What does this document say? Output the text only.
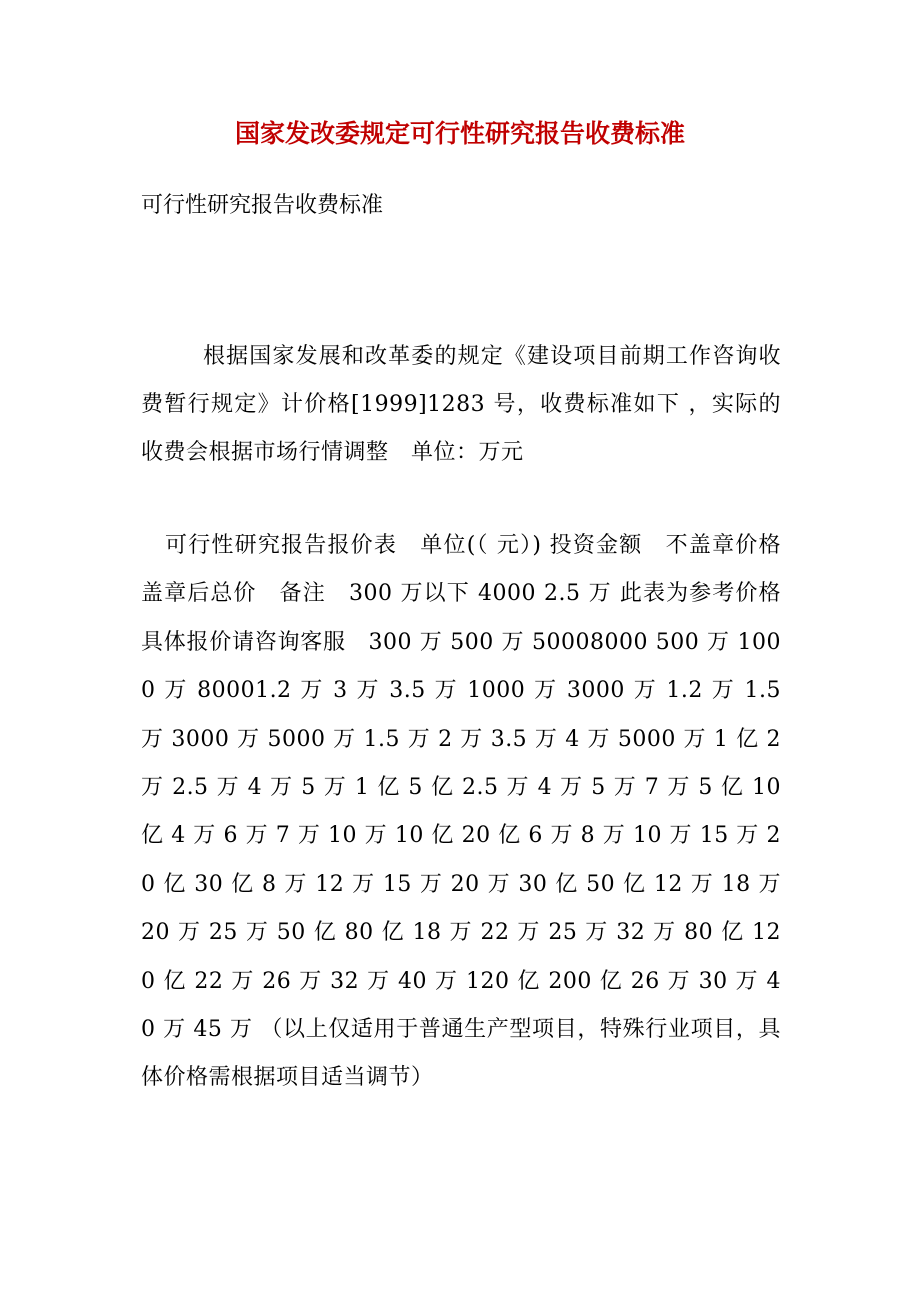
国家发改委规定可行性研究报告收费标准

可行性研究报告收费标准

根据国家发展和改革委的规定《建设项目前期工作咨询收费暂行规定》计价格[1999]1283 号，收费标准如下 ，实际的收费会根据市场行情调整　单位：万元

可行性研究报告报价表　单位(（ 元）) 投资金额　不盖章价格　盖章后总价　备注　300 万以下 4000 2.5 万 此表为参考价格 具体报价请咨询客服　300 万 500 万 50008000 500 万 1000 万 80001.2 万 3 万 3.5 万 1000 万 3000 万 1.2 万 1.5 万 3000 万 5000 万 1.5 万 2 万 3.5 万 4 万 5000 万 1 亿 2 万 2.5 万 4 万 5 万 1 亿 5 亿 2.5 万 4 万 5 万 7 万 5 亿 10 亿 4 万 6 万 7 万 10 万 10 亿 20 亿 6 万 8 万 10 万 15 万 20 亿 30 亿 8 万 12 万 15 万 20 万 30 亿 50 亿 12 万 18 万 20 万 25 万 50 亿 80 亿 18 万 22 万 25 万 32 万 80 亿 120 亿 22 万 26 万 32 万 40 万 120 亿 200 亿 26 万 30 万 40 万 45 万 （以上仅适用于普通生产型项目，特殊行业项目，具体价格需根据项目适当调节）
